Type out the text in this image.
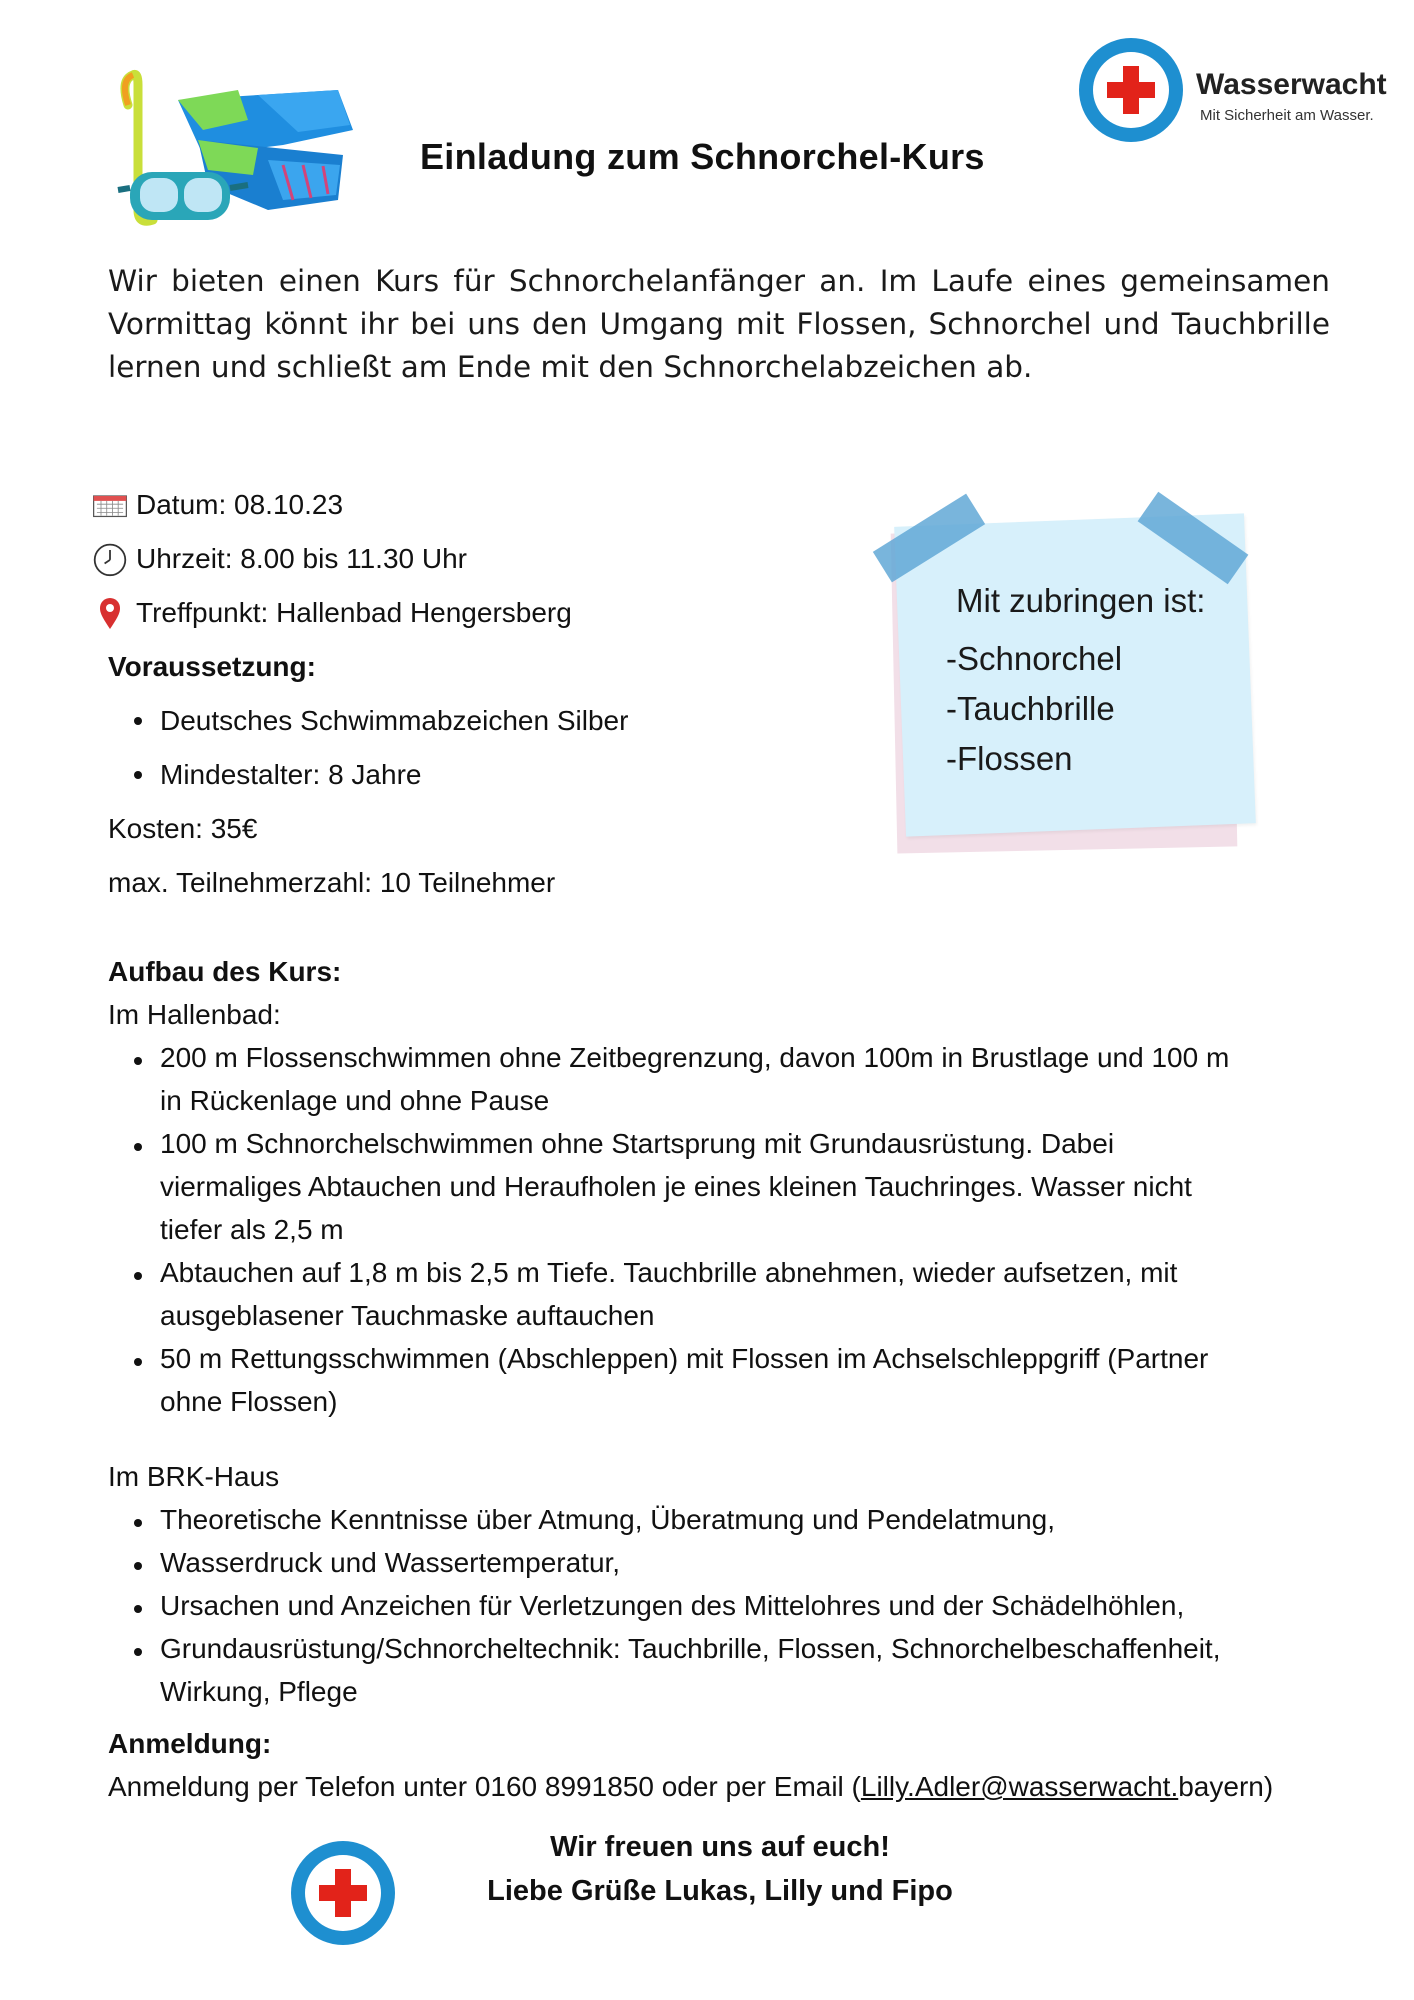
Einladung zum Schnorchel-Kurs
Wasserwacht
Mit Sicherheit am Wasser.
Wir bieten einen Kurs für Schnorchelanfänger an. Im Laufe eines gemeinsamen Vormittag könnt ihr bei uns den Umgang mit Flossen, Schnorchel und Tauchbrille lernen und schließt am Ende mit den Schnorchelabzeichen ab.
Datum: 08.10.23
Uhrzeit: 8.00 bis 11.30 Uhr
Treffpunkt: Hallenbad Hengersberg
Voraussetzung:
Deutsches Schwimmabzeichen Silber
Mindestalter: 8 Jahre
Kosten: 35€
max. Teilnehmerzahl: 10 Teilnehmer
Mit zubringen ist:
-Schnorchel
-Tauchbrille
-Flossen
Aufbau des Kurs:
Im Hallenbad:
200 m Flossenschwimmen ohne Zeitbegrenzung, davon 100m in Brustlage und 100 m in Rückenlage und ohne Pause
100 m Schnorchelschwimmen ohne Startsprung mit Grundausrüstung. Dabei viermaliges Abtauchen und Heraufholen je eines kleinen Tauchringes. Wasser nicht tiefer als 2,5 m
Abtauchen auf 1,8 m bis 2,5 m Tiefe. Tauchbrille abnehmen, wieder aufsetzen, mit ausgeblasener Tauchmaske auftauchen
50 m Rettungsschwimmen (Abschleppen) mit Flossen im Achselschleppgriff (Partner ohne Flossen)
Im BRK-Haus
Theoretische Kenntnisse über Atmung, Überatmung und Pendelatmung,
Wasserdruck und Wassertemperatur,
Ursachen und Anzeichen für Verletzungen des Mittelohres und der Schädelhöhlen,
Grundausrüstung/Schnorcheltechnik: Tauchbrille, Flossen, Schnorchelbeschaffenheit, Wirkung, Pflege
Anmeldung:
Anmeldung per Telefon unter 0160 8991850 oder per Email (Lilly.Adler@wasserwacht.bayern)
Wir freuen uns auf euch!
Liebe Grüße Lukas, Lilly und Fipo
